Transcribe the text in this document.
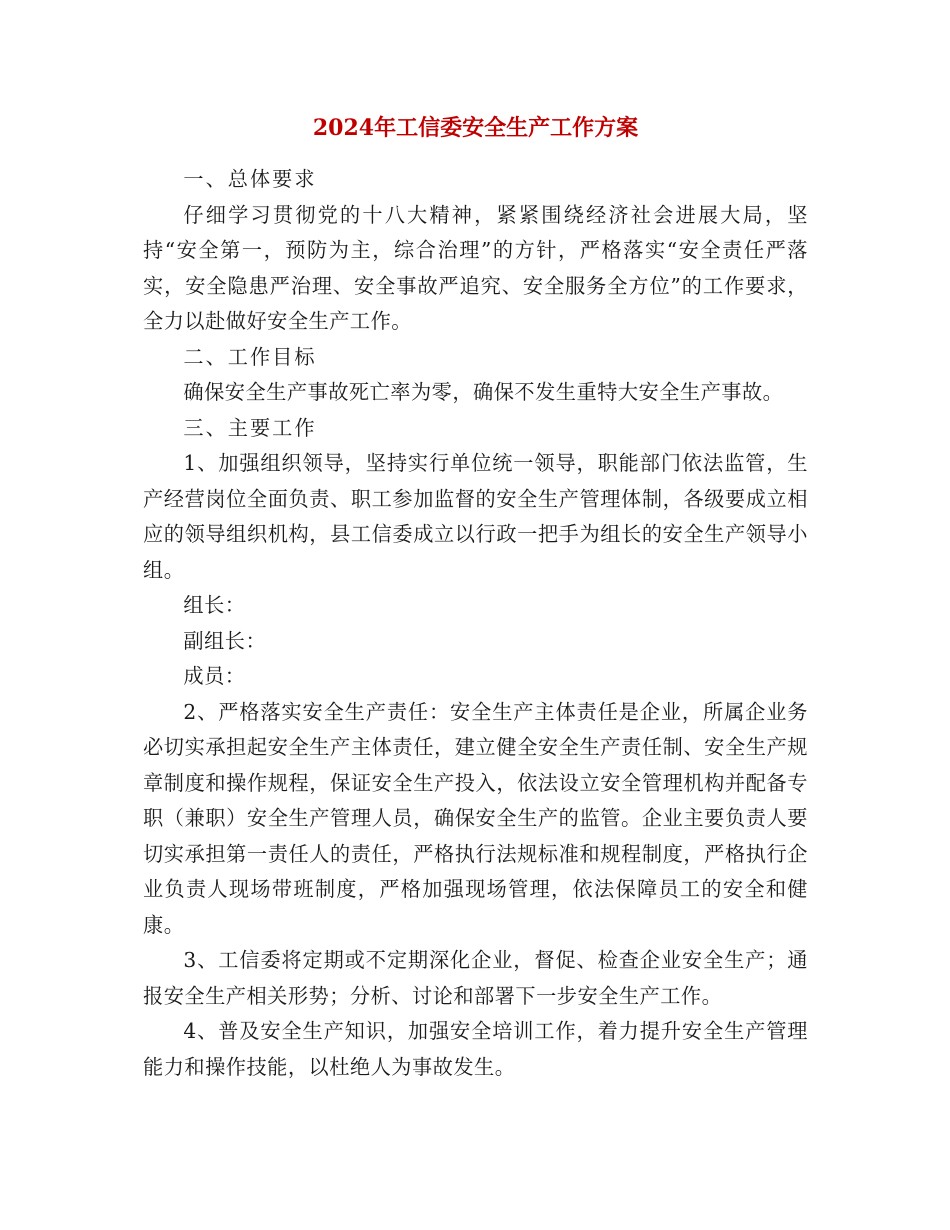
2024年工信委安全生产工作方案

一、总体要求

仔细学习贯彻党的十八大精神，紧紧围绕经济社会进展大局，坚持“安全第一，预防为主，综合治理”的方针，严格落实“安全责任严落实，安全隐患严治理、安全事故严追究、安全服务全方位”的工作要求，全力以赴做好安全生产工作。

二、工作目标

确保安全生产事故死亡率为零，确保不发生重特大安全生产事故。

三、主要工作

1、加强组织领导，坚持实行单位统一领导，职能部门依法监管，生产经营岗位全面负责、职工参加监督的安全生产管理体制，各级要成立相应的领导组织机构，县工信委成立以行政一把手为组长的安全生产领导小组。

组长：

副组长：

成员：

2、严格落实安全生产责任：安全生产主体责任是企业，所属企业务必切实承担起安全生产主体责任，建立健全安全生产责任制、安全生产规章制度和操作规程，保证安全生产投入，依法设立安全管理机构并配备专职（兼职）安全生产管理人员，确保安全生产的监管。企业主要负责人要切实承担第一责任人的责任，严格执行法规标准和规程制度，严格执行企业负责人现场带班制度，严格加强现场管理，依法保障员工的安全和健康。

3、工信委将定期或不定期深化企业，督促、检查企业安全生产；通报安全生产相关形势；分析、讨论和部署下一步安全生产工作。

4、普及安全生产知识，加强安全培训工作，着力提升安全生产管理能力和操作技能，以杜绝人为事故发生。
